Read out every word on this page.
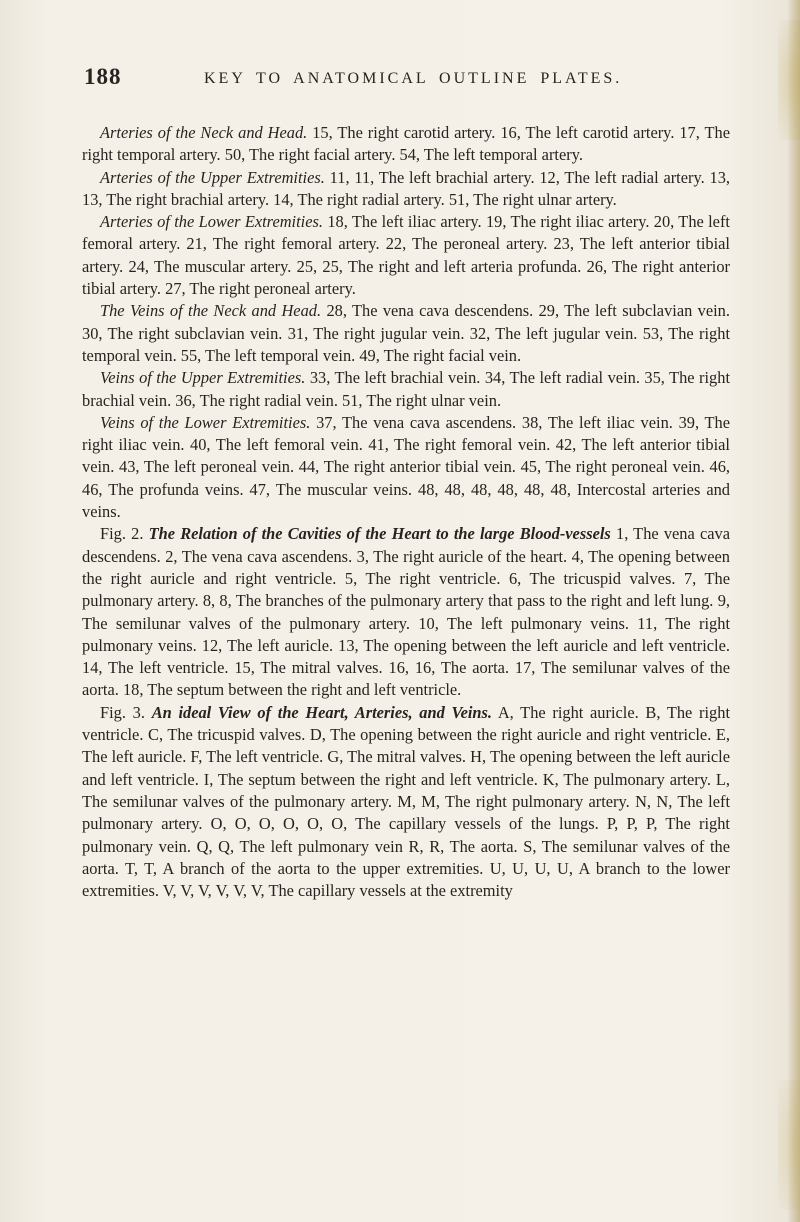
188	KEY TO ANATOMICAL OUTLINE PLATES.

Arteries of the Neck and Head. 15, The right carotid artery. 16, The left carotid artery. 17, The right temporal artery. 50, The right facial artery. 54, The left temporal artery.

Arteries of the Upper Extremities. 11, 11, The left brachial artery. 12, The left radial artery. 13, 13, The right brachial artery. 14, The right radial artery. 51, The right ulnar artery.

Arteries of the Lower Extremities. 18, The left iliac artery. 19, The right iliac artery. 20, The left femoral artery. 21, The right femoral artery. 22, The peroneal artery. 23, The left anterior tibial artery. 24, The muscular artery. 25, 25, The right and left arteria profunda. 26, The right anterior tibial artery. 27, The right peroneal artery.

The Veins of the Neck and Head. 28, The vena cava descendens. 29, The left subclavian vein. 30, The right subclavian vein. 31, The right jugular vein. 32, The left jugular vein. 53, The right temporal vein. 55, The left temporal vein. 49, The right facial vein.

Veins of the Upper Extremities. 33, The left brachial vein. 34, The left radial vein. 35, The right brachial vein. 36, The right radial vein. 51, The right ulnar vein.

Veins of the Lower Extremities. 37, The vena cava ascendens. 38, The left iliac vein. 39, The right iliac vein. 40, The left femoral vein. 41, The right femoral vein. 42, The left anterior tibial vein. 43, The left peroneal vein. 44, The right anterior tibial vein. 45, The right peroneal vein. 46, 46, The profunda veins. 47, The muscular veins. 48, 48, 48, 48, 48, 48, Intercostal arteries and veins.

Fig. 2. The Relation of the Cavities of the Heart to the large Blood-vessels 1, The vena cava descendens. 2, The vena cava ascendens. 3, The right auricle of the heart. 4, The opening between the right auricle and right ventricle. 5, The right ventricle. 6, The tricuspid valves. 7, The pulmonary artery. 8, 8, The branches of the pulmonary artery that pass to the right and left lung. 9, The semilunar valves of the pulmonary artery. 10, The left pulmonary veins. 11, The right pulmonary veins. 12, The left auricle. 13, The opening between the left auricle and left ventricle. 14, The left ventricle. 15, The mitral valves. 16, 16, The aorta. 17, The semilunar valves of the aorta. 18, The septum between the right and left ventricle.

Fig. 3. An ideal View of the Heart, Arteries, and Veins. A, The right auricle. B, The right ventricle. C, The tricuspid valves. D, The opening between the right auricle and right ventricle. E, The left auricle. F, The left ventricle. G, The mitral valves. H, The opening between the left auricle and left ventricle. I, The septum between the right and left ventricle. K, The pulmonary artery. L, The semilunar valves of the pulmonary artery. M, M, The right pulmonary artery. N, N, The left pulmonary artery. O, O, O, O, O, O, The capillary vessels of the lungs. P, P, P, The right pulmonary vein. Q, Q, The left pulmonary vein R, R, The aorta. S, The semilunar valves of the aorta. T, T, A branch of the aorta to the upper extremities. U, U, U, U, A branch to the lower extremities. V, V, V, V, V, V, The capillary vessels at the extremity
